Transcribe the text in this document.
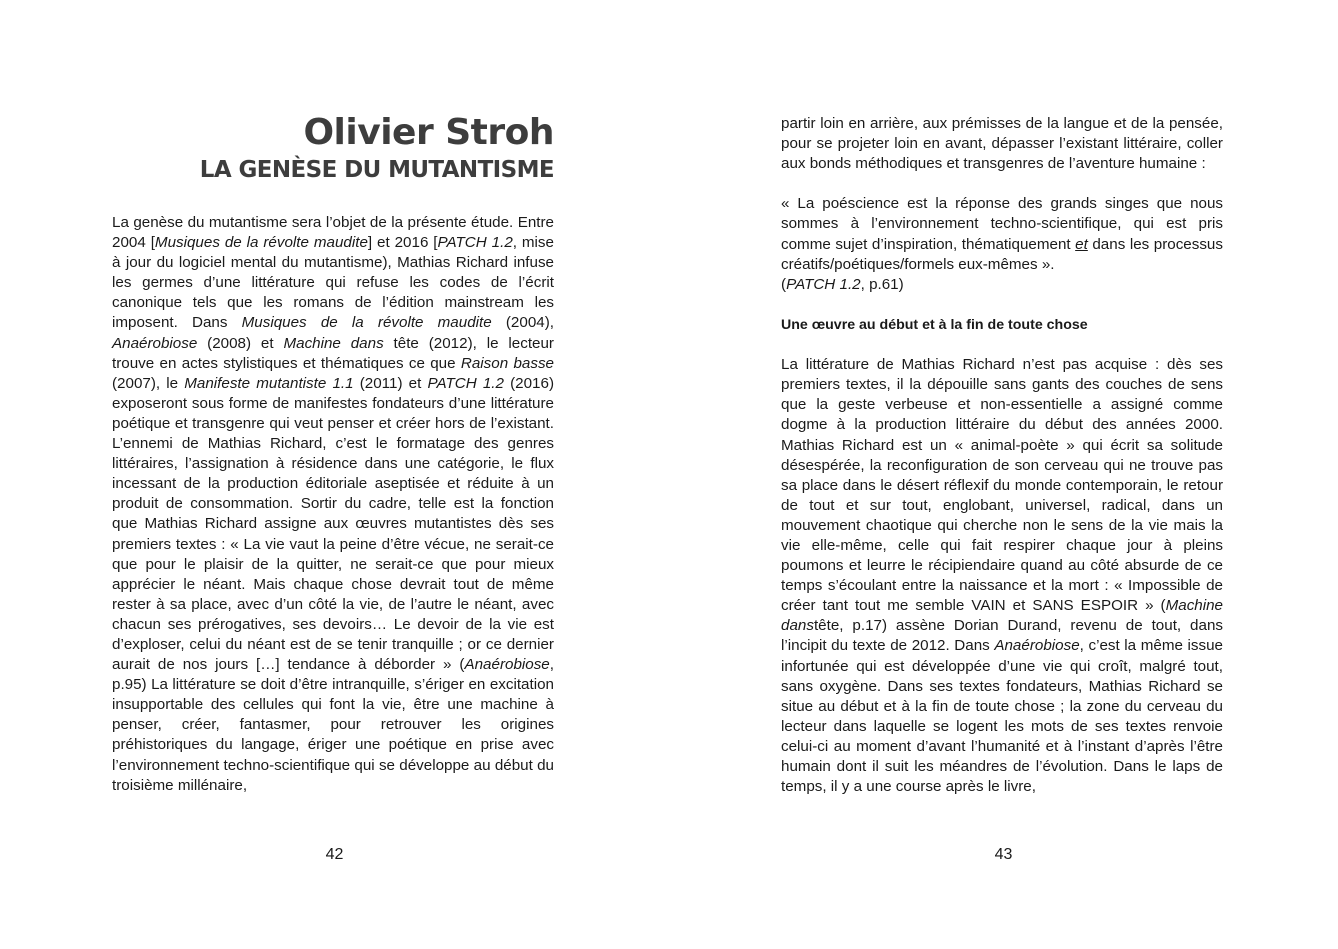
Olivier Stroh
LA GENÈSE DU MUTANTISME

La genèse du mutantisme sera l’objet de la présente étude. Entre 2004 [Musiques de la révolte maudite] et 2016 [PATCH 1.2, mise à jour du logiciel mental du mutantisme), Mathias Richard infuse les germes d’une littérature qui refuse les codes de l’écrit canonique tels que les romans de l’édition mainstream les imposent. Dans Musiques de la révolte maudite (2004), Anaérobiose (2008) et Machine dans tête (2012), le lecteur trouve en actes stylistiques et thématiques ce que Raison basse (2007), le Manifeste mutantiste 1.1 (2011) et PATCH 1.2 (2016) exposeront sous forme de manifestes fondateurs d’une littérature poétique et transgenre qui veut penser et créer hors de l’existant. L’ennemi de Mathias Richard, c’est le formatage des genres littéraires, l’assignation à résidence dans une catégorie, le flux incessant de la production éditoriale aseptisée et réduite à un produit de consommation. Sortir du cadre, telle est la fonction que Mathias Richard assigne aux œuvres mutantistes dès ses premiers textes : « La vie vaut la peine d’être vécue, ne serait-ce que pour le plaisir de la quitter, ne serait-ce que pour mieux apprécier le néant. Mais chaque chose devrait tout de même rester à sa place, avec d’un côté la vie, de l’autre le néant, avec chacun ses prérogatives, ses devoirs… Le devoir de la vie est d’exploser, celui du néant est de se tenir tranquille ; or ce dernier aurait de nos jours […] tendance à déborder » (Anaérobiose, p.95) La littérature se doit d’être intranquille, s’ériger en excitation insupportable des cellules qui font la vie, être une machine à penser, créer, fantasmer, pour retrouver les origines préhistoriques du langage, ériger une poétique en prise avec l’environnement techno-scientifique qui se développe au début du troisième millénaire,

42

partir loin en arrière, aux prémisses de la langue et de la pensée, pour se projeter loin en avant, dépasser l’existant littéraire, coller aux bonds méthodiques et transgenres de l’aventure humaine :

« La poéscience est la réponse des grands singes que nous sommes à l’environnement techno-scientifique, qui est pris comme sujet d’inspiration, thématiquement et dans les processus créatifs/poétiques/formels eux-mêmes ».

(PATCH 1.2, p.61)

Une œuvre au début et à la fin de toute chose

La littérature de Mathias Richard n’est pas acquise : dès ses premiers textes, il la dépouille sans gants des couches de sens que la geste verbeuse et non-essentielle a assigné comme dogme à la production littéraire du début des années 2000. Mathias Richard est un « animal-poète » qui écrit sa solitude désespérée, la reconfiguration de son cerveau qui ne trouve pas sa place dans le désert réflexif du monde contemporain, le retour de tout et sur tout, englobant, universel, radical, dans un mouvement chaotique qui cherche non le sens de la vie mais la vie elle-même, celle qui fait respirer chaque jour à pleins poumons et leurre le récipiendaire quand au côté absurde de ce temps s’écoulant entre la naissance et la mort : « Impossible de créer tant tout me semble VAIN et SANS ESPOIR » (Machine danstête, p.17) assène Dorian Durand, revenu de tout, dans l’incipit du texte de 2012. Dans Anaérobiose, c’est la même issue infortunée qui est développée d’une vie qui croît, malgré tout, sans oxygène. Dans ses textes fondateurs, Mathias Richard se situe au début et à la fin de toute chose ; la zone du cerveau du lecteur dans laquelle se logent les mots de ses textes renvoie celui-ci au moment d’avant l’humanité et à l’instant d’après l’être humain dont il suit les méandres de l’évolution. Dans le laps de temps, il y a une course après le livre,

43
